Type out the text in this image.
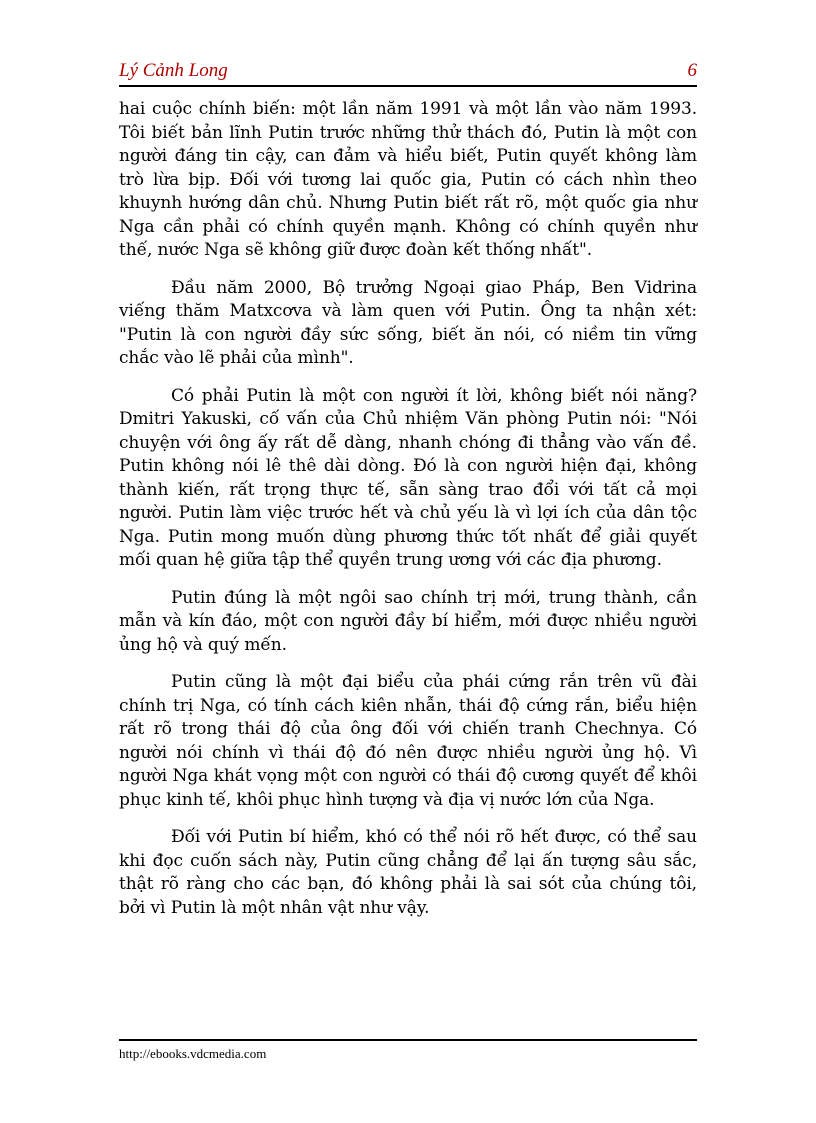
Lý Cảnh Long	6

hai cuộc chính biến: một lần năm 1991 và một lần vào năm 1993. Tôi biết bản lĩnh Putin trước những thử thách đó, Putin là một con người đáng tin cậy, can đảm và hiểu biết, Putin quyết không làm trò lừa bịp. Đối với tương lai quốc gia, Putin có cách nhìn theo khuynh hướng dân chủ. Nhưng Putin biết rất rõ, một quốc gia như Nga cần phải có chính quyền mạnh. Không có chính quyền như thế, nước Nga sẽ không giữ được đoàn kết thống nhất".

Đầu năm 2000, Bộ trưởng Ngoại giao Pháp, Ben Vidrina viếng thăm Matxcơva và làm quen với Putin. Ông ta nhận xét: "Putin là con người đầy sức sống, biết ăn nói, có niềm tin vững chắc vào lẽ phải của mình".

Có phải Putin là một con người ít lời, không biết nói năng? Dmitri Yakuski, cố vấn của Chủ nhiệm Văn phòng Putin nói: "Nói chuyện với ông ấy rất dễ dàng, nhanh chóng đi thẳng vào vấn đề. Putin không nói lê thê dài dòng. Đó là con người hiện đại, không thành kiến, rất trọng thực tế, sẵn sàng trao đổi với tất cả mọi người. Putin làm việc trước hết và chủ yếu là vì lợi ích của dân tộc Nga. Putin mong muốn dùng phương thức tốt nhất để giải quyết mối quan hệ giữa tập thể quyền trung ương với các địa phương.

Putin đúng là một ngôi sao chính trị mới, trung thành, cần mẫn và kín đáo, một con người đầy bí hiểm, mới được nhiều người ủng hộ và quý mến.

Putin cũng là một đại biểu của phái cứng rắn trên vũ đài chính trị Nga, có tính cách kiên nhẫn, thái độ cứng rắn, biểu hiện rất rõ trong thái độ của ông đối với chiến tranh Chechnya. Có người nói chính vì thái độ đó nên được nhiều người ủng hộ. Vì người Nga khát vọng một con người có thái độ cương quyết để khôi phục kinh tế, khôi phục hình tượng và địa vị nước lớn của Nga.

Đối với Putin bí hiểm, khó có thể nói rõ hết được, có thể sau khi đọc cuốn sách này, Putin cũng chẳng để lại ấn tượng sâu sắc, thật rõ ràng cho các bạn, đó không phải là sai sót của chúng tôi, bởi vì Putin là một nhân vật như vậy.

http://ebooks.vdcmedia.com
